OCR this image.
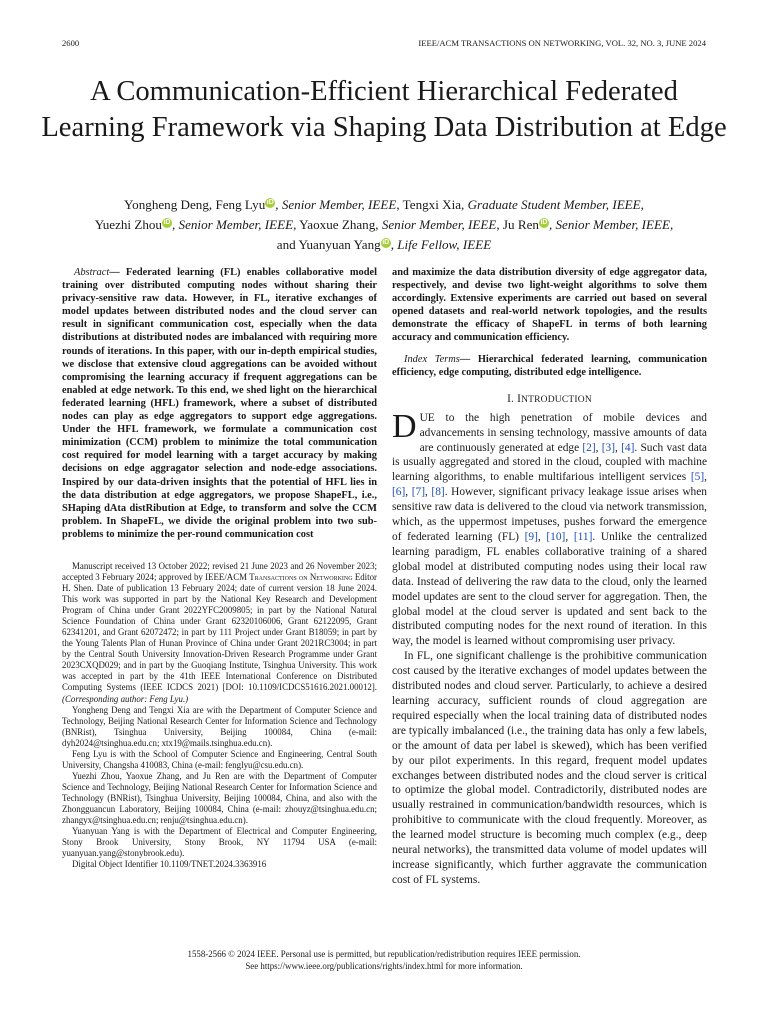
2600	IEEE/ACM TRANSACTIONS ON NETWORKING, VOL. 32, NO. 3, JUNE 2024
A Communication-Efficient Hierarchical Federated Learning Framework via Shaping Data Distribution at Edge
Yongheng Deng, Feng Lyu iD , Senior Member, IEEE, Tengxi Xia, Graduate Student Member, IEEE,
Yuezhi Zhou iD , Senior Member, IEEE, Yaoxue Zhang, Senior Member, IEEE, Ju Ren iD , Senior Member, IEEE,
and Yuanyuan Yang iD , Life Fellow, IEEE

Abstract— Federated learning (FL) enables collaborative model training over distributed computing nodes without sharing their privacy-sensitive raw data. However, in FL, iterative exchanges of model updates between distributed nodes and the cloud server can result in significant communication cost, especially when the data distributions at distributed nodes are imbalanced with requiring more rounds of iterations. In this paper, with our in-depth empirical studies, we disclose that extensive cloud aggregations can be avoided without compromising the learning accuracy if frequent aggregations can be enabled at edge network. To this end, we shed light on the hierarchical federated learning (HFL) framework, where a subset of distributed nodes can play as edge aggregators to support edge aggregations. Under the HFL framework, we formulate a communication cost minimization (CCM) problem to minimize the total communication cost required for model learning with a target accuracy by making decisions on edge aggragator selection and node-edge associations. Inspired by our data-driven insights that the potential of HFL lies in the data distribution at edge aggregators, we propose ShapeFL, i.e., SHaping dAta distRibution at Edge, to transform and solve the CCM problem. In ShapeFL, we divide the original problem into two sub-problems to minimize the per-round communication cost

Manuscript received 13 October 2022; revised 21 June 2023 and 26 November 2023; accepted 3 February 2024; approved by IEEE/ACM Transactions on Networking Editor H. Shen. Date of publication 13 February 2024; date of current version 18 June 2024. This work was supported in part by the National Key Research and Development Program of China under Grant 2022YFC2009805; in part by the National Natural Science Foundation of China under Grant 62320106006, Grant 62122095, Grant 62341201, and Grant 62072472; in part by 111 Project under Grant B18059; in part by the Young Talents Plan of Hunan Province of China under Grant 2021RC3004; in part by the Central South University Innovation-Driven Research Programme under Grant 2023CXQD029; and in part by the Guoqiang Institute, Tsinghua University. This work was accepted in part by the 41th IEEE International Conference on Distributed Computing Systems (IEEE ICDCS 2021) [DOI: 10.1109/ICDCS51616.2021.00012]. (Corresponding author: Feng Lyu.)

Yongheng Deng and Tengxi Xia are with the Department of Computer Science and Technology, Beijing National Research Center for Information Science and Technology (BNRist), Tsinghua University, Beijing 100084, China (e-mail: dyh2024@tsinghua.edu.cn; xtx19@mails.tsinghua.edu.cn).

Feng Lyu is with the School of Computer Science and Engineering, Central South University, Changsha 410083, China (e-mail: fenglyu@csu.edu.cn).

Yuezhi Zhou, Yaoxue Zhang, and Ju Ren are with the Department of Computer Science and Technology, Beijing National Research Center for Information Science and Technology (BNRist), Tsinghua University, Beijing 100084, China, and also with the Zhongguancun Laboratory, Beijing 100084, China (e-mail: zhouyz@tsinghua.edu.cn; zhangyx@tsinghua.edu.cn; renju@tsinghua.edu.cn).

Yuanyuan Yang is with the Department of Electrical and Computer Engineering, Stony Brook University, Stony Brook, NY 11794 USA (e-mail: yuanyuan.yang@stonybrook.edu).

Digital Object Identifier 10.1109/TNET.2024.3363916

and maximize the data distribution diversity of edge aggregator data, respectively, and devise two light-weight algorithms to solve them accordingly. Extensive experiments are carried out based on several opened datasets and real-world network topologies, and the results demonstrate the efficacy of ShapeFL in terms of both learning accuracy and communication efficiency.

Index Terms— Hierarchical federated learning, communication efficiency, edge computing, distributed edge intelligence.

I. INTRODUCTION

DUE to the high penetration of mobile devices and advancements in sensing technology, massive amounts of data are continuously generated at edge [2], [3], [4]. Such vast data is usually aggregated and stored in the cloud, coupled with machine learning algorithms, to enable multifarious intelligent services [5], [6], [7], [8]. However, significant privacy leakage issue arises when sensitive raw data is delivered to the cloud via network transmission, which, as the uppermost impetuses, pushes forward the emergence of federated learning (FL) [9], [10], [11]. Unlike the centralized learning paradigm, FL enables collaborative training of a shared global model at distributed computing nodes using their local raw data. Instead of delivering the raw data to the cloud, only the learned model updates are sent to the cloud server for aggregation. Then, the global model at the cloud server is updated and sent back to the distributed computing nodes for the next round of iteration. In this way, the model is learned without compromising user privacy.

In FL, one significant challenge is the prohibitive communication cost caused by the iterative exchanges of model updates between the distributed nodes and cloud server. Particularly, to achieve a desired learning accuracy, sufficient rounds of cloud aggregation are required especially when the local training data of distributed nodes are typically imbalanced (i.e., the training data has only a few labels, or the amount of data per label is skewed), which has been verified by our pilot experiments. In this regard, frequent model updates exchanges between distributed nodes and the cloud server is critical to optimize the global model. Contradictorily, distributed nodes are usually restrained in communication/bandwidth resources, which is prohibitive to communicate with the cloud frequently. Moreover, as the learned model structure is becoming much complex (e.g., deep neural networks), the transmitted data volume of model updates will increase significantly, which further aggravate the communication cost of FL systems.

1558-2566 © 2024 IEEE. Personal use is permitted, but republication/redistribution requires IEEE permission.
See https://www.ieee.org/publications/rights/index.html for more information.
